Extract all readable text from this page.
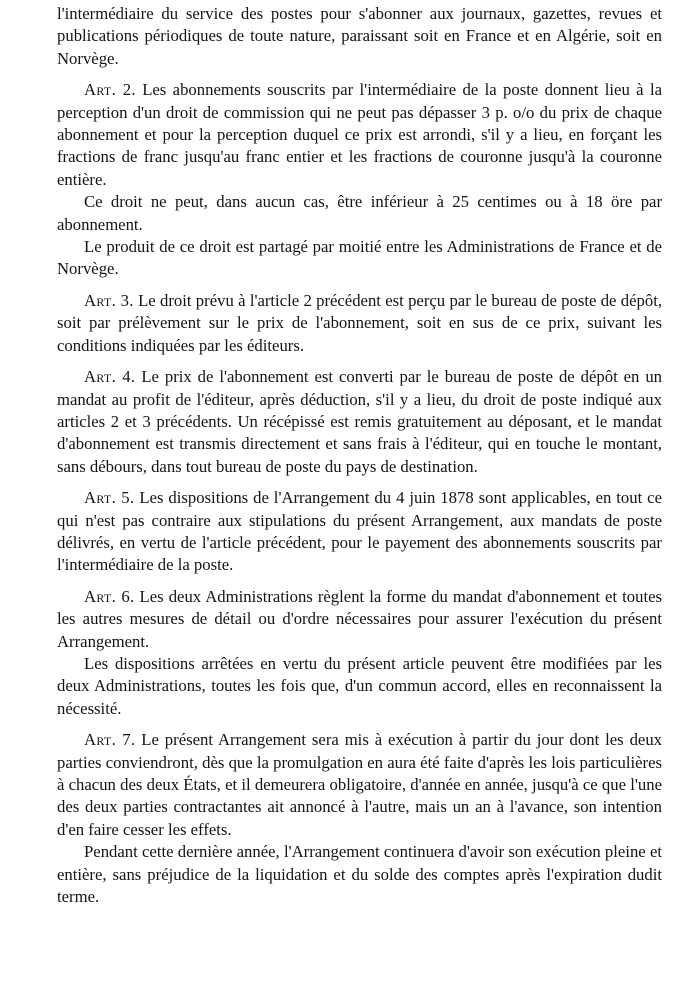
l'intermédiaire du service des postes pour s'abonner aux journaux, gazettes, revues et publications périodiques de toute nature, paraissant soit en France et en Algérie, soit en Norvège.

Art. 2. Les abonnements souscrits par l'intermédiaire de la poste donnent lieu à la perception d'un droit de commission qui ne peut pas dépasser 3 p. o/o du prix de chaque abonnement et pour la perception duquel ce prix est arrondi, s'il y a lieu, en forçant les fractions de franc jusqu'au franc entier et les fractions de couronne jusqu'à la couronne entière.

Ce droit ne peut, dans aucun cas, être inférieur à 25 centimes ou à 18 öre par abonnement.

Le produit de ce droit est partagé par moitié entre les Administrations de France et de Norvège.

Art. 3. Le droit prévu à l'article 2 précédent est perçu par le bureau de poste de dépôt, soit par prélèvement sur le prix de l'abonnement, soit en sus de ce prix, suivant les conditions indiquées par les éditeurs.

Art. 4. Le prix de l'abonnement est converti par le bureau de poste de dépôt en un mandat au profit de l'éditeur, après déduction, s'il y a lieu, du droit de poste indiqué aux articles 2 et 3 précédents. Un récépissé est remis gratuitement au déposant, et le mandat d'abonnement est transmis directement et sans frais à l'éditeur, qui en touche le montant, sans débours, dans tout bureau de poste du pays de destination.

Art. 5. Les dispositions de l'Arrangement du 4 juin 1878 sont applicables, en tout ce qui n'est pas contraire aux stipulations du présent Arrangement, aux mandats de poste délivrés, en vertu de l'article précédent, pour le payement des abonnements souscrits par l'intermédiaire de la poste.

Art. 6. Les deux Administrations règlent la forme du mandat d'abonnement et toutes les autres mesures de détail ou d'ordre nécessaires pour assurer l'exécution du présent Arrangement.

Les dispositions arrêtées en vertu du présent article peuvent être modifiées par les deux Administrations, toutes les fois que, d'un commun accord, elles en reconnaissent la nécessité.

Art. 7. Le présent Arrangement sera mis à exécution à partir du jour dont les deux parties conviendront, dès que la promulgation en aura été faite d'après les lois particulières à chacun des deux États, et il demeurera obligatoire, d'année en année, jusqu'à ce que l'une des deux parties contractantes ait annoncé à l'autre, mais un an à l'avance, son intention d'en faire cesser les effets.

Pendant cette dernière année, l'Arrangement continuera d'avoir son exécution pleine et entière, sans préjudice de la liquidation et du solde des comptes après l'expiration dudit terme.
